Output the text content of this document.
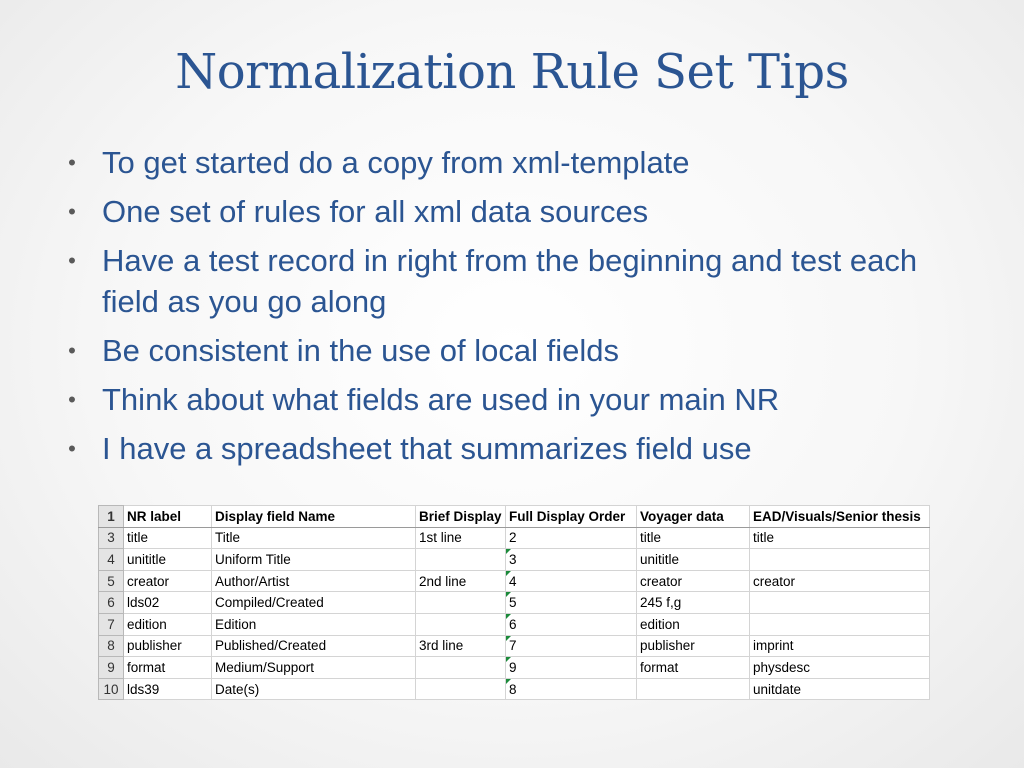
Normalization Rule Set Tips
• To get started do a copy from xml-template
• One set of rules for all xml data sources
• Have a test record in right from the beginning and test each field as you go along
• Be consistent in the use of local fields
• Think about what fields are used in your main NR
• I have a spreadsheet that summarizes field use
1	NR label	Display field Name	Brief Display	Full Display Order	Voyager data	EAD/Visuals/Senior thesis
3	title	Title	1st line	2	title	title
4	unititle	Uniform Title		3	unititle	
5	creator	Author/Artist	2nd line	4	creator	creator
6	lds02	Compiled/Created		5	245 f,g	
7	edition	Edition		6	edition	
8	publisher	Published/Created	3rd line	7	publisher	imprint
9	format	Medium/Support		9	format	physdesc
10	lds39	Date(s)		8		unitdate
